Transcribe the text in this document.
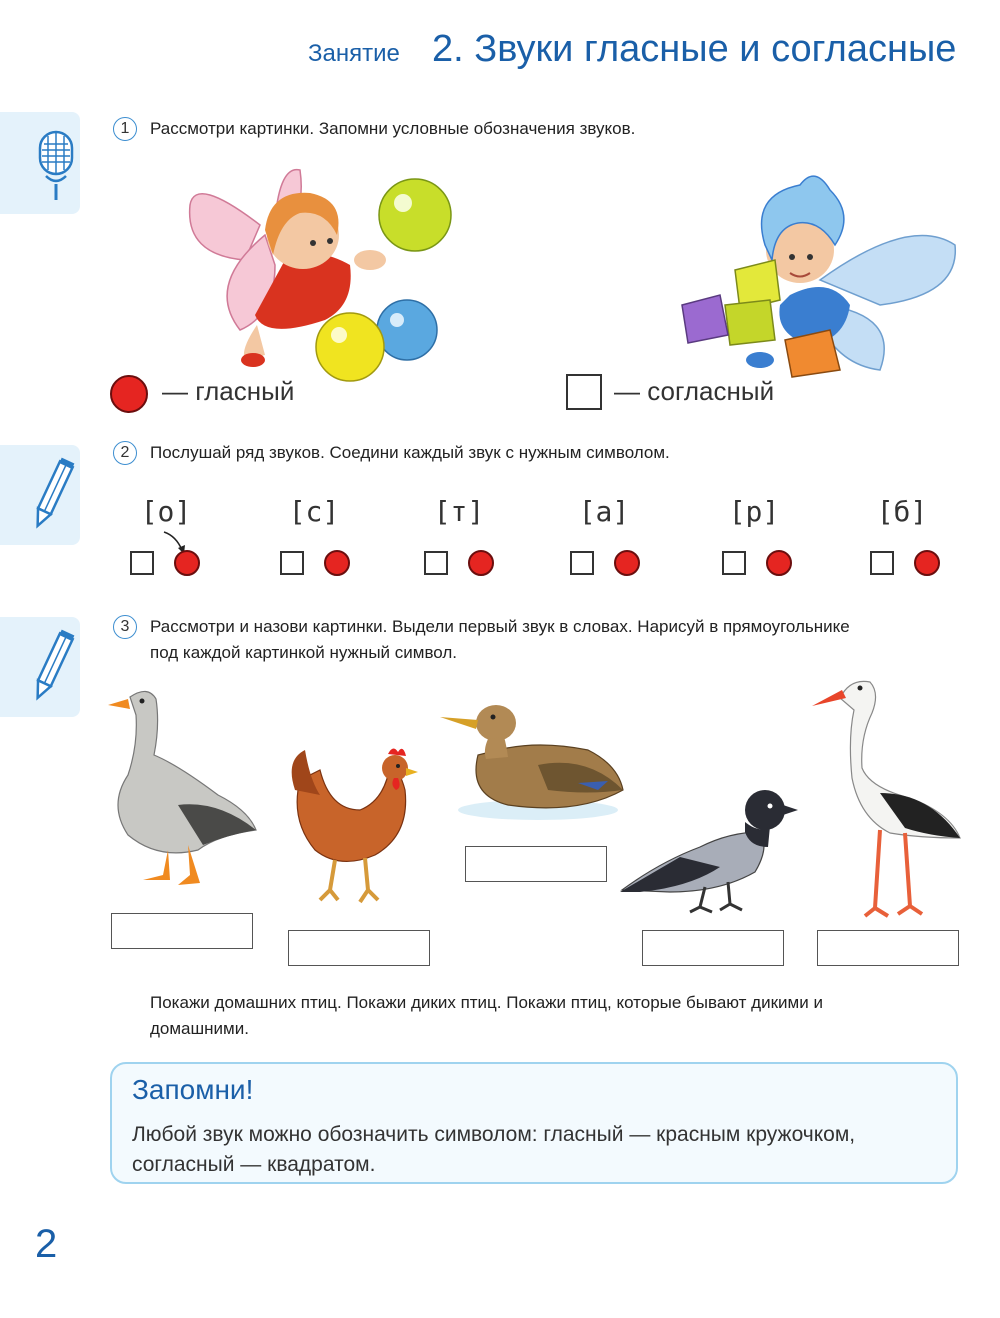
Занятие 2. Звуки гласные и согласные
1	Рассмотри картинки. Запомни условные обозначения звуков.
— гласный	— согласный
2	Послушай ряд звуков. Соедини каждый звук с нужным символом.
[о]	[с]	[т]	[а]	[р]	[б]
3	Рассмотри и назови картинки. Выдели первый звук в словах. Нарисуй в прямоугольнике
под каждой картинкой нужный символ.
Покажи домашних птиц. Покажи диких птиц. Покажи птиц, которые бывают дикими и
домашними.
Запомни!
Любой звук можно обозначить символом: гласный — красным кружочком,
согласный — квадратом.
2
